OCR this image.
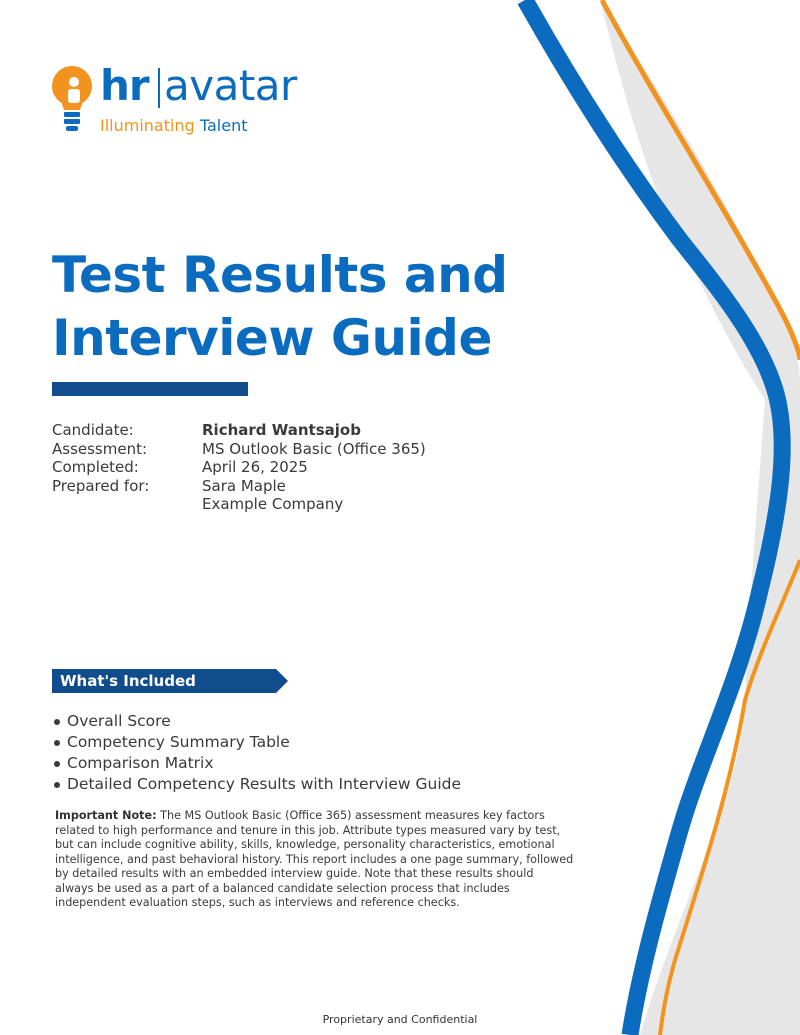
hr avatar
Illuminating Talent
Test Results and Interview Guide
Candidate:	Richard Wantsajob
Assessment:	MS Outlook Basic (Office 365)
Completed:	April 26, 2025
Prepared for:	Sara Maple
Example Company
What's Included
Overall Score
Competency Summary Table
Comparison Matrix
Detailed Competency Results with Interview Guide

Important Note: The MS Outlook Basic (Office 365) assessment measures key factors related to high performance and tenure in this job. Attribute types measured vary by test, but can include cognitive ability, skills, knowledge, personality characteristics, emotional intelligence, and past behavioral history. This report includes a one page summary, followed by detailed results with an embedded interview guide. Note that these results should always be used as a part of a balanced candidate selection process that includes independent evaluation steps, such as interviews and reference checks.

Proprietary and Confidential
